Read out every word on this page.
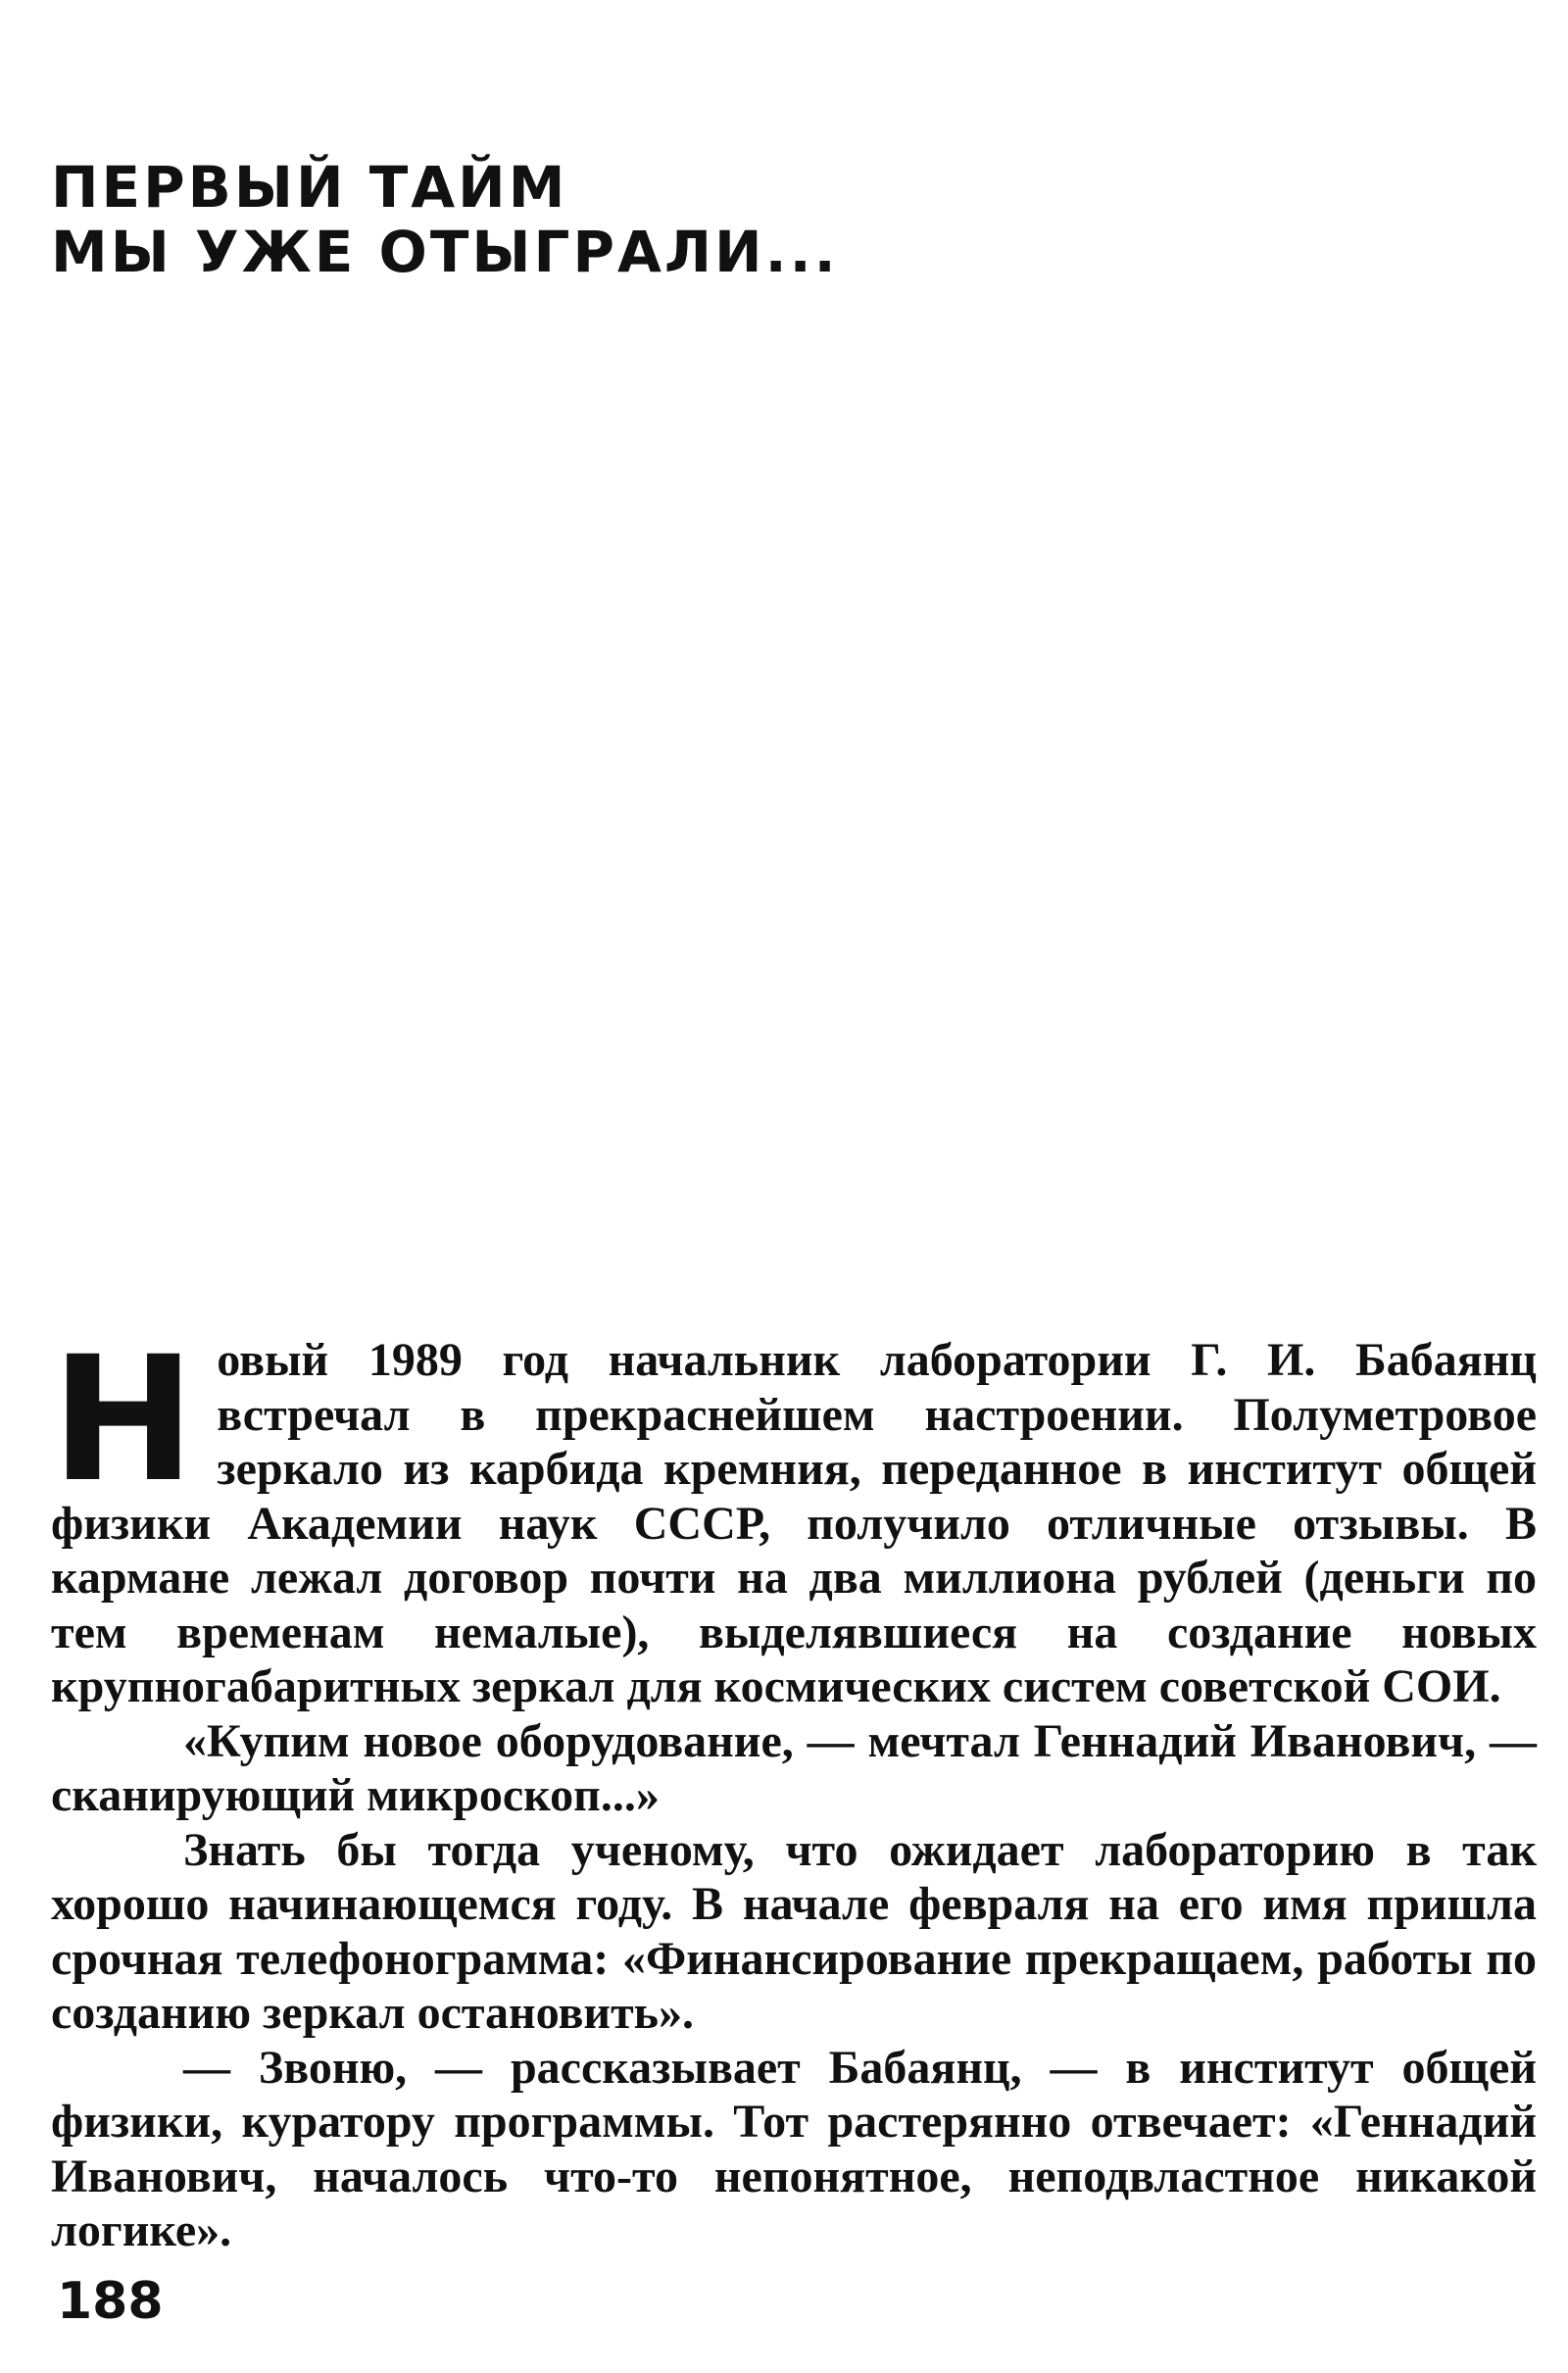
ПЕРВЫЙ ТАЙМ
МЫ УЖЕ ОТЫГРАЛИ...

Новый 1989 год начальник лаборатории Г. И. Бабаянц встречал в прекраснейшем настроении. Полуметровое зеркало из карбида кремния, переданное в институт общей физики Академии наук СССР, получило отличные отзывы. В кармане лежал договор почти на два миллиона рублей (деньги по тем временам немалые), выделявшиеся на создание новых крупногабаритных зеркал для космических систем советской СОИ.

«Купим новое оборудование, — мечтал Геннадий Иванович, — сканирующий микроскоп...»

Знать бы тогда ученому, что ожидает лабораторию в так хорошо начинающемся году. В начале февраля на его имя пришла срочная телефонограмма: «Финансирование прекращаем, работы по созданию зеркал остановить».

— Звоню, — рассказывает Бабаянц, — в институт общей физики, куратору программы. Тот растерянно отвечает: «Геннадий Иванович, началось что-то непонятное, неподвластное никакой логике».

188
